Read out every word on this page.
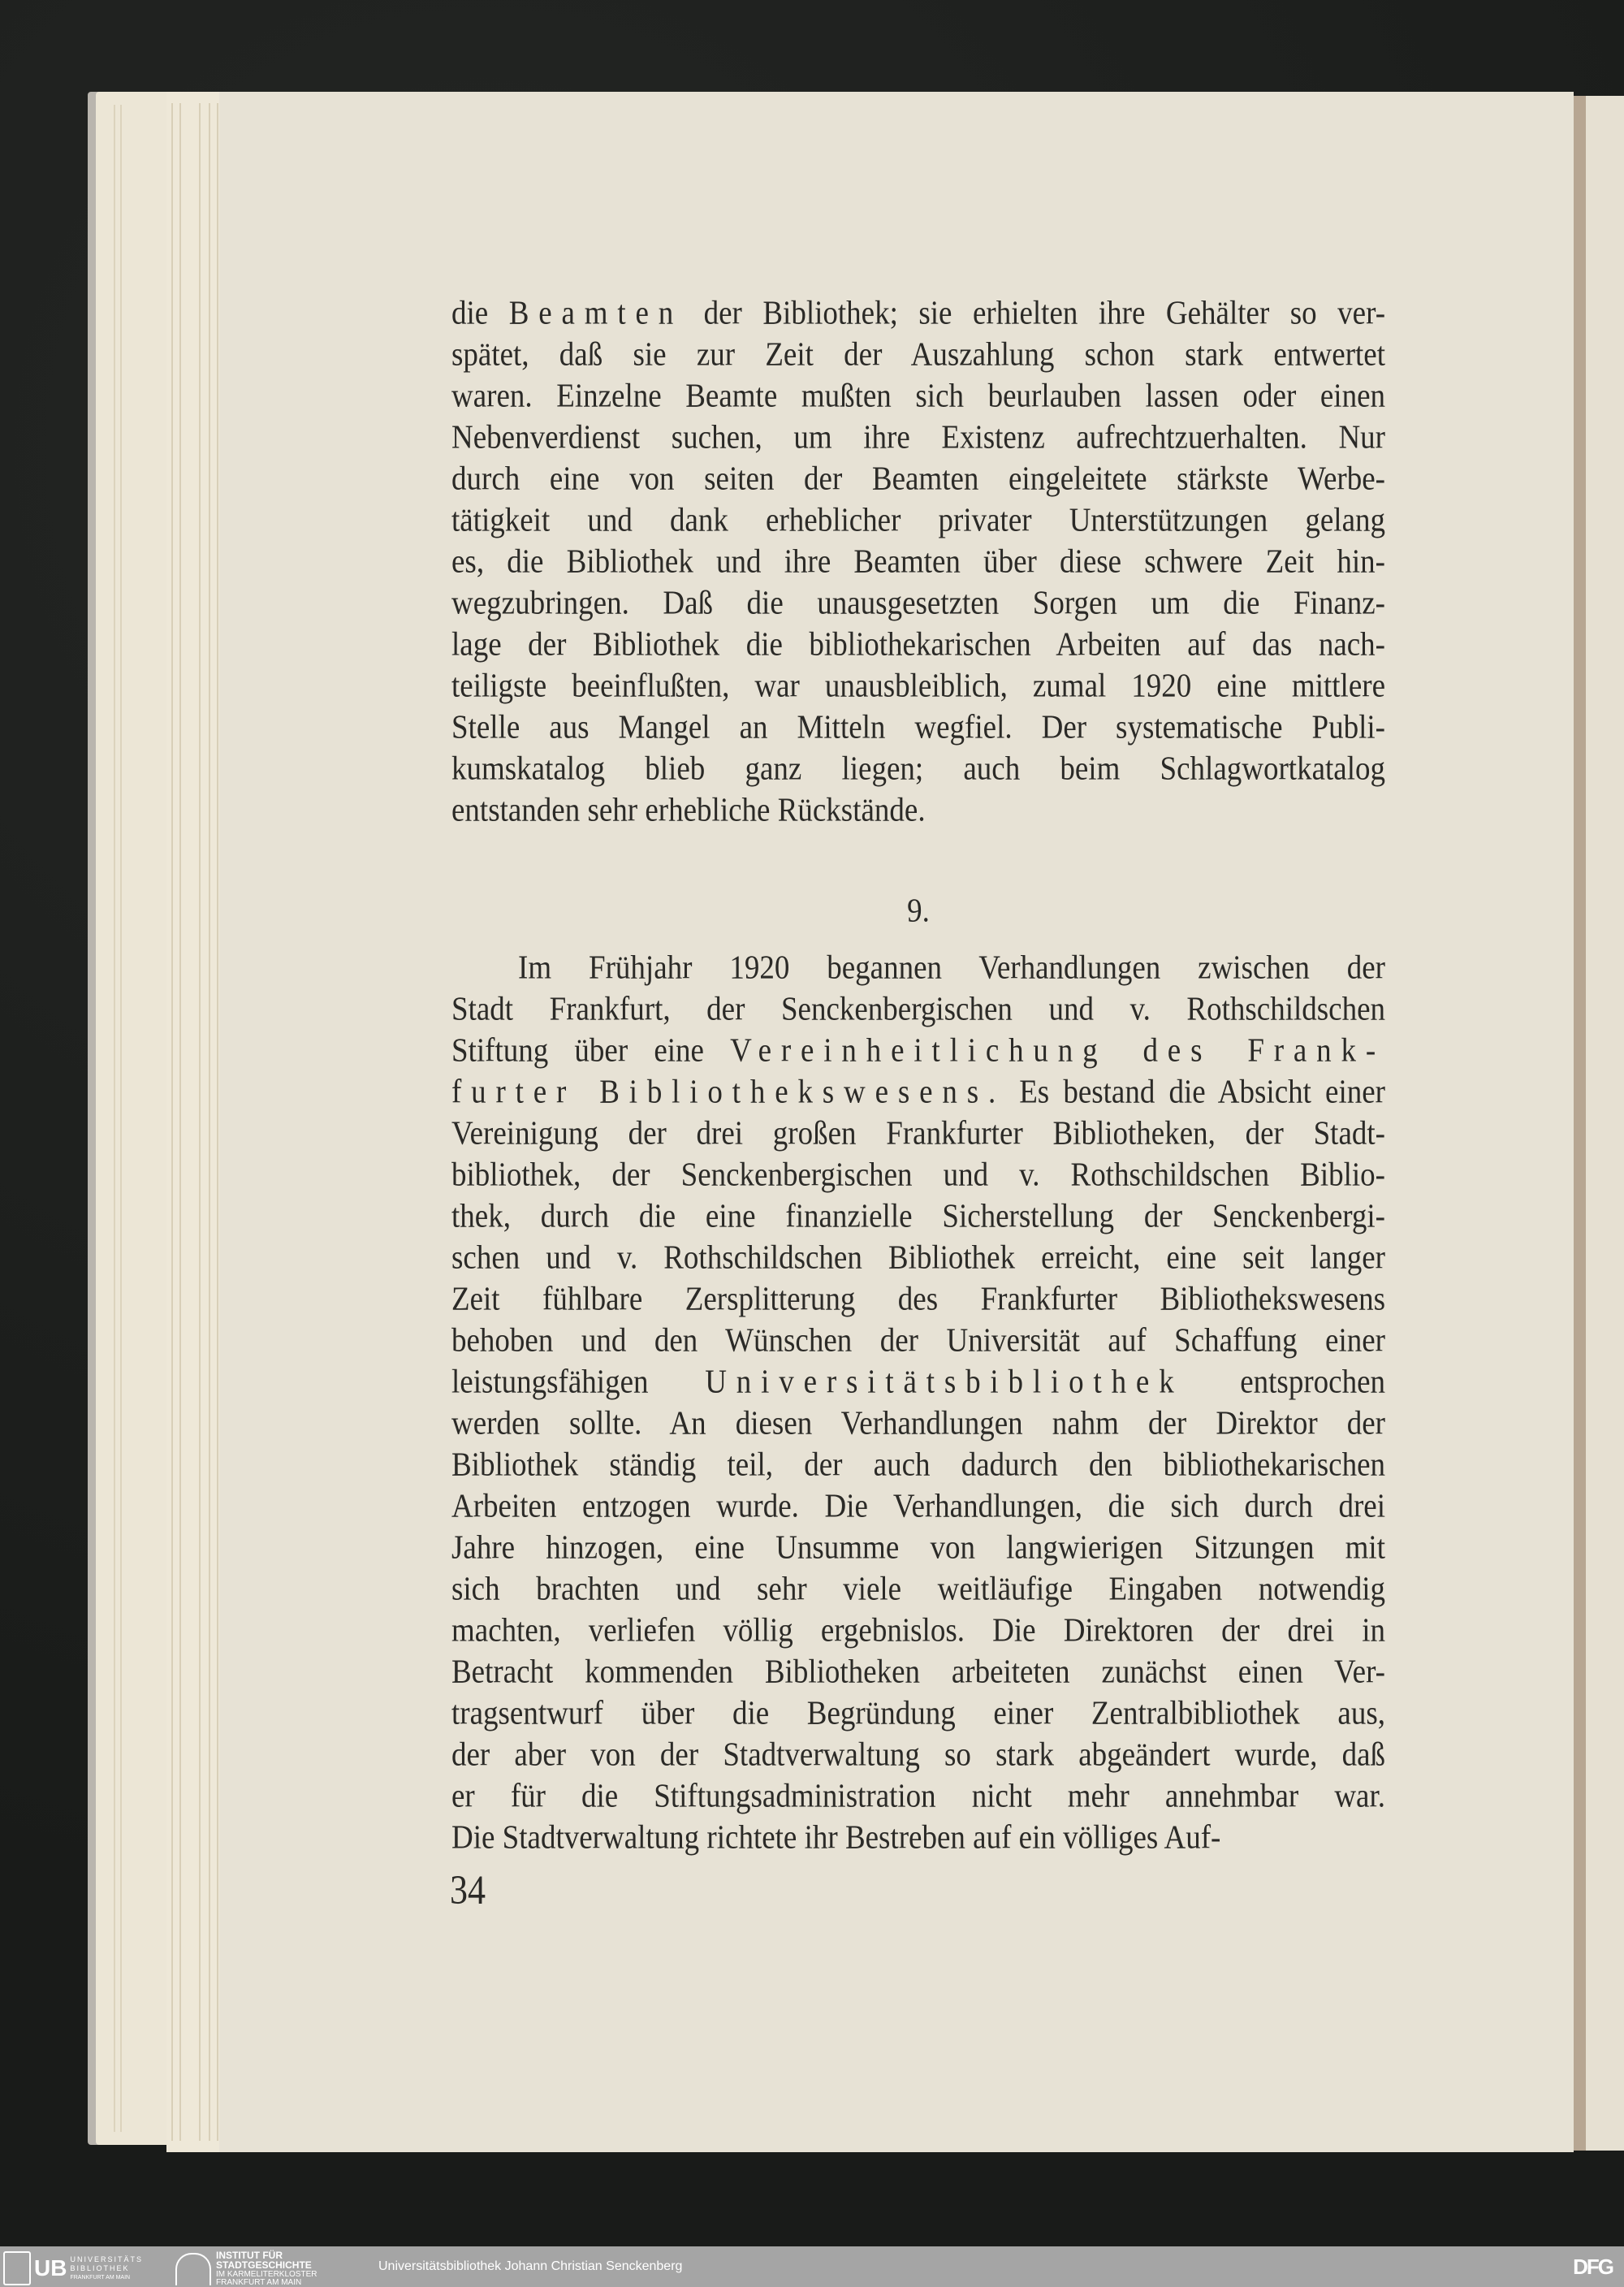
die Beamten der Bibliothek; sie erhielten ihre Gehälter so ver-
spätet, daß sie zur Zeit der Auszahlung schon stark entwertet
waren. Einzelne Beamte mußten sich beurlauben lassen oder einen
Nebenverdienst suchen, um ihre Existenz aufrechtzuerhalten. Nur
durch eine von seiten der Beamten eingeleitete stärkste Werbe-
tätigkeit und dank erheblicher privater Unterstützungen gelang
es, die Bibliothek und ihre Beamten über diese schwere Zeit hin-
wegzubringen. Daß die unausgesetzten Sorgen um die Finanz-
lage der Bibliothek die bibliothekarischen Arbeiten auf das nach-
teiligste beeinflußten, war unausbleiblich, zumal 1920 eine mittlere
Stelle aus Mangel an Mitteln wegfiel. Der systematische Publi-
kumskatalog blieb ganz liegen; auch beim Schlagwortkatalog
entstanden sehr erhebliche Rückstände.
9.
Im Frühjahr 1920 begannen Verhandlungen zwischen der
Stadt Frankfurt, der Senckenbergischen und v. Rothschildschen
Stiftung über eine Vereinheitlichung des Frank-
furter Bibliothekswesens. Es bestand die Absicht einer
Vereinigung der drei großen Frankfurter Bibliotheken, der Stadt-
bibliothek, der Senckenbergischen und v. Rothschildschen Biblio-
thek, durch die eine finanzielle Sicherstellung der Senckenbergi-
schen und v. Rothschildschen Bibliothek erreicht, eine seit langer
Zeit fühlbare Zersplitterung des Frankfurter Bibliothekswesens
behoben und den Wünschen der Universität auf Schaffung einer
leistungsfähigen Universitätsbibliothek entsprochen
werden sollte. An diesen Verhandlungen nahm der Direktor der
Bibliothek ständig teil, der auch dadurch den bibliothekarischen
Arbeiten entzogen wurde. Die Verhandlungen, die sich durch drei
Jahre hinzogen, eine Unsumme von langwierigen Sitzungen mit
sich brachten und sehr viele weitläufige Eingaben notwendig
machten, verliefen völlig ergebnislos. Die Direktoren der drei in
Betracht kommenden Bibliotheken arbeiteten zunächst einen Ver-
tragsentwurf über die Begründung einer Zentralbibliothek aus,
der aber von der Stadtverwaltung so stark abgeändert wurde, daß
er für die Stiftungsadministration nicht mehr annehmbar war.
Die Stadtverwaltung richtete ihr Bestreben auf ein völliges Auf-
34
UB UNIVERSITÄTS
BIBLIOTHEK
FRANKFURT AM MAIN
INSTITUT FÜR
STADTGESCHICHTE
IM KARMELITERKLOSTER
FRANKFURT AM MAIN
Universitätsbibliothek Johann Christian Senckenberg	DFG
